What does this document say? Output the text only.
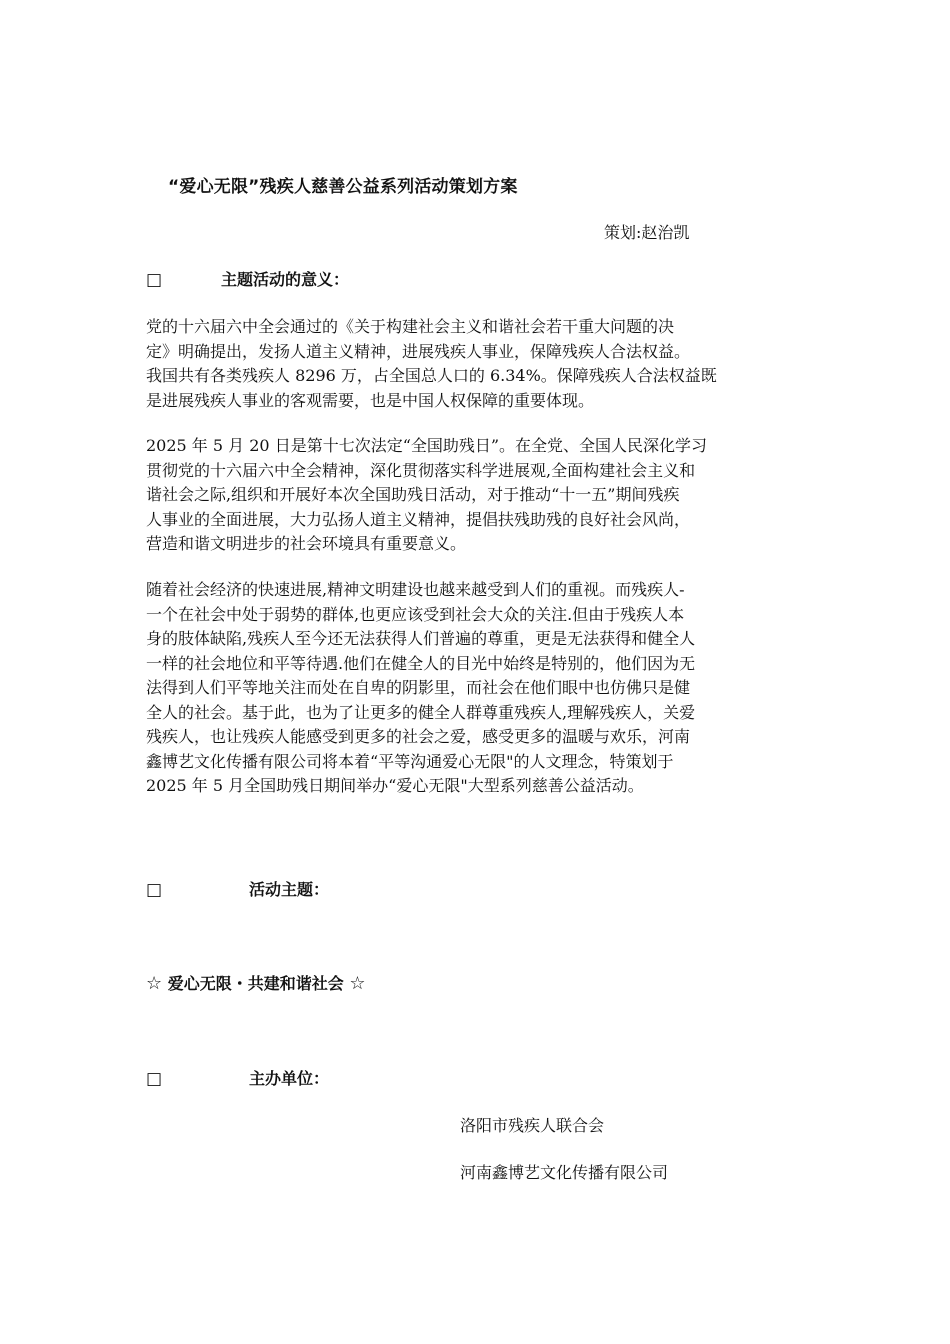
“爱心无限”残疾人慈善公益系列活动策划方案
策划:赵治凯
□	主题活动的意义：

党的十六届六中全会通过的《关于构建社会主义和谐社会若干重大问题的决
定》明确提出，发扬人道主义精神，进展残疾人事业，保障残疾人合法权益。
我国共有各类残疾人 8296 万，占全国总人口的 6.34%。保障残疾人合法权益既
是进展残疾人事业的客观需要，也是中国人权保障的重要体现。

2025 年 5 月 20 日是第十七次法定“全国助残日”。在全党、全国人民深化学习
贯彻党的十六届六中全会精神，深化贯彻落实科学进展观,全面构建社会主义和
谐社会之际,组织和开展好本次全国助残日活动，对于推动“十一五”期间残疾
人事业的全面进展，大力弘扬人道主义精神，提倡扶残助残的良好社会风尚，
营造和谐文明进步的社会环境具有重要意义。

随着社会经济的快速进展,精神文明建设也越来越受到人们的重视。而残疾人-
一个在社会中处于弱势的群体,也更应该受到社会大众的关注.但由于残疾人本
身的肢体缺陷,残疾人至今还无法获得人们普遍的尊重，更是无法获得和健全人
一样的社会地位和平等待遇.他们在健全人的目光中始终是特别的，他们因为无
法得到人们平等地关注而处在自卑的阴影里，而社会在他们眼中也仿佛只是健
全人的社会。基于此，也为了让更多的健全人群尊重残疾人,理解残疾人，关爱
残疾人，也让残疾人能感受到更多的社会之爱，感受更多的温暖与欢乐，河南
鑫博艺文化传播有限公司将本着“平等沟通爱心无限"的人文理念，特策划于
2025 年 5 月全国助残日期间举办“爱心无限"大型系列慈善公益活动。

□	活动主题：
☆ 爱心无限・共建和谐社会 ☆
□	主办单位：
洛阳市残疾人联合会
河南鑫博艺文化传播有限公司
